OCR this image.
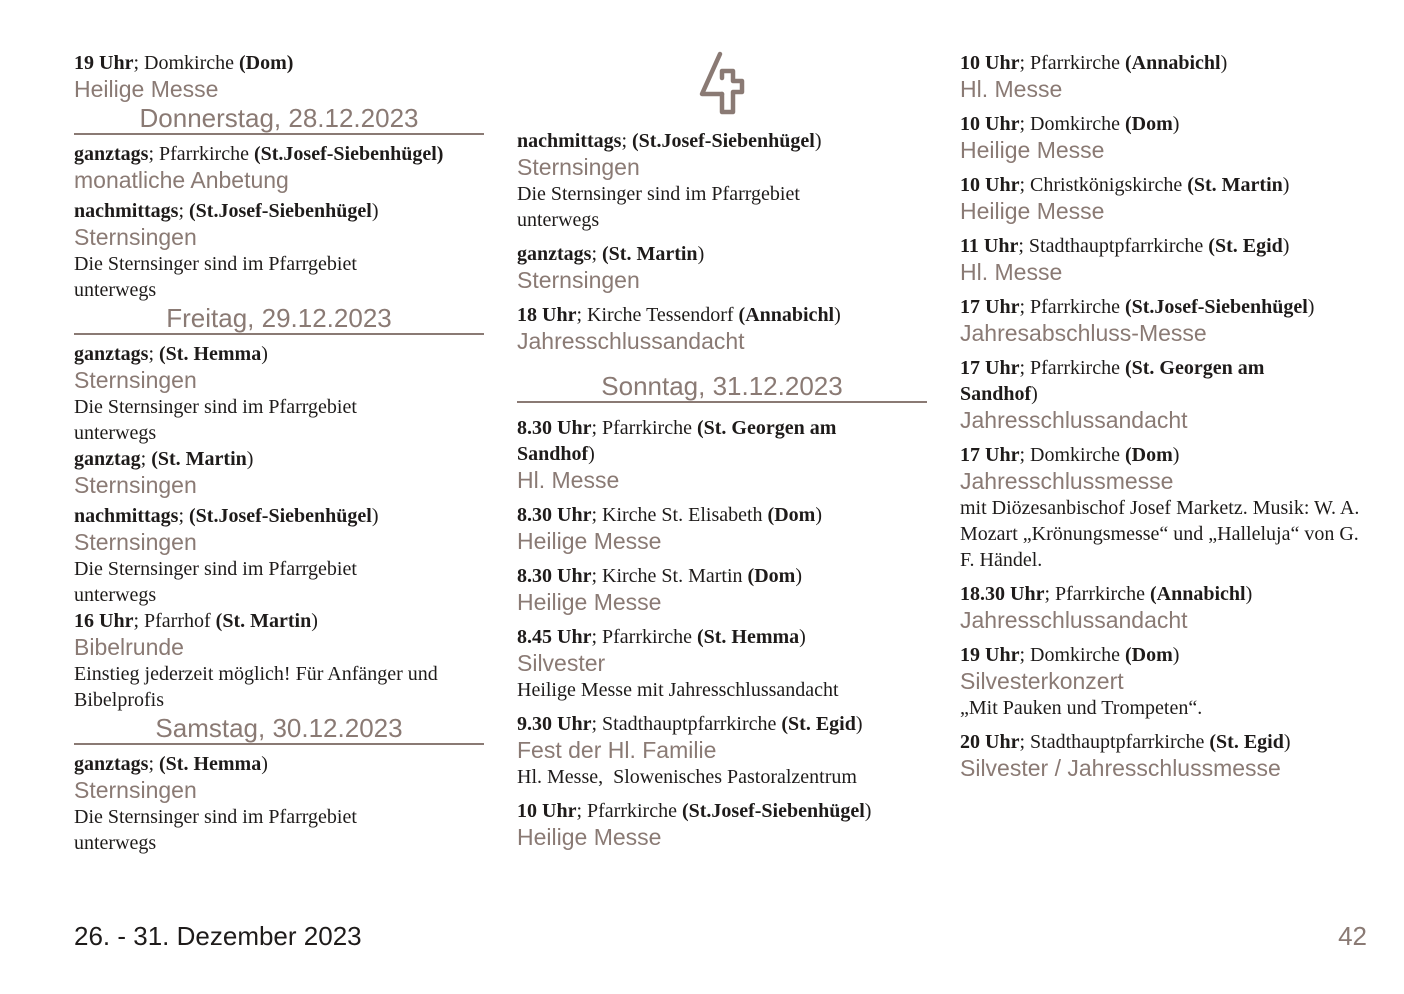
19 Uhr; Domkirche (Dom)
Heilige Messe
Donnerstag, 28.12.2023
ganztags; Pfarrkirche (St.Josef-Siebenhügel)
monatliche Anbetung
nachmittags; (St.Josef-Siebenhügel)
Sternsingen
Die Sternsinger sind im Pfarrgebiet unterwegs
Freitag, 29.12.2023
ganztags; (St. Hemma)
Sternsingen
Die Sternsinger sind im Pfarrgebiet unterwegs
ganztag; (St. Martin)
Sternsingen
nachmittags; (St.Josef-Siebenhügel)
Sternsingen
Die Sternsinger sind im Pfarrgebiet unterwegs
16 Uhr; Pfarrhof (St. Martin)
Bibelrunde
Einstieg jederzeit möglich! Für Anfänger und Bibelprofis
Samstag, 30.12.2023
ganztags; (St. Hemma)
Sternsingen
Die Sternsinger sind im Pfarrgebiet unterwegs
nachmittags; (St.Josef-Siebenhügel)
Sternsingen
Die Sternsinger sind im Pfarrgebiet unterwegs
ganztags; (St. Martin)
Sternsingen
18 Uhr; Kirche Tessendorf (Annabichl)
Jahresschlussandacht
Sonntag, 31.12.2023
8.30 Uhr; Pfarrkirche (St. Georgen am Sandhof)
Hl. Messe
8.30 Uhr; Kirche St. Elisabeth (Dom)
Heilige Messe
8.30 Uhr; Kirche St. Martin (Dom)
Heilige Messe
8.45 Uhr; Pfarrkirche (St. Hemma)
Silvester
Heilige Messe mit Jahresschlussandacht
9.30 Uhr; Stadthauptpfarrkirche (St. Egid)
Fest der Hl. Familie
Hl. Messe,  Slowenisches Pastoralzentrum
10 Uhr; Pfarrkirche (St.Josef-Siebenhügel)
Heilige Messe
10 Uhr; Pfarrkirche (Annabichl)
Hl. Messe
10 Uhr; Domkirche (Dom)
Heilige Messe
10 Uhr; Christkönigskirche (St. Martin)
Heilige Messe
11 Uhr; Stadthauptpfarrkirche (St. Egid)
Hl. Messe
17 Uhr; Pfarrkirche (St.Josef-Siebenhügel)
Jahresabschluss-Messe
17 Uhr; Pfarrkirche (St. Georgen am Sandhof)
Jahresschlussandacht
17 Uhr; Domkirche (Dom)
Jahresschlussmesse
mit Diözesanbischof Josef Marketz. Musik: W. A. Mozart „Krönungsmesse“ und „Halleluja“ von G. F. Händel.
18.30 Uhr; Pfarrkirche (Annabichl)
Jahresschlussandacht
19 Uhr; Domkirche (Dom)
Silvesterkonzert
„Mit Pauken und Trompeten“.
20 Uhr; Stadthauptpfarrkirche (St. Egid)
Silvester / Jahresschlussmesse
26. - 31. Dezember 2023	42
